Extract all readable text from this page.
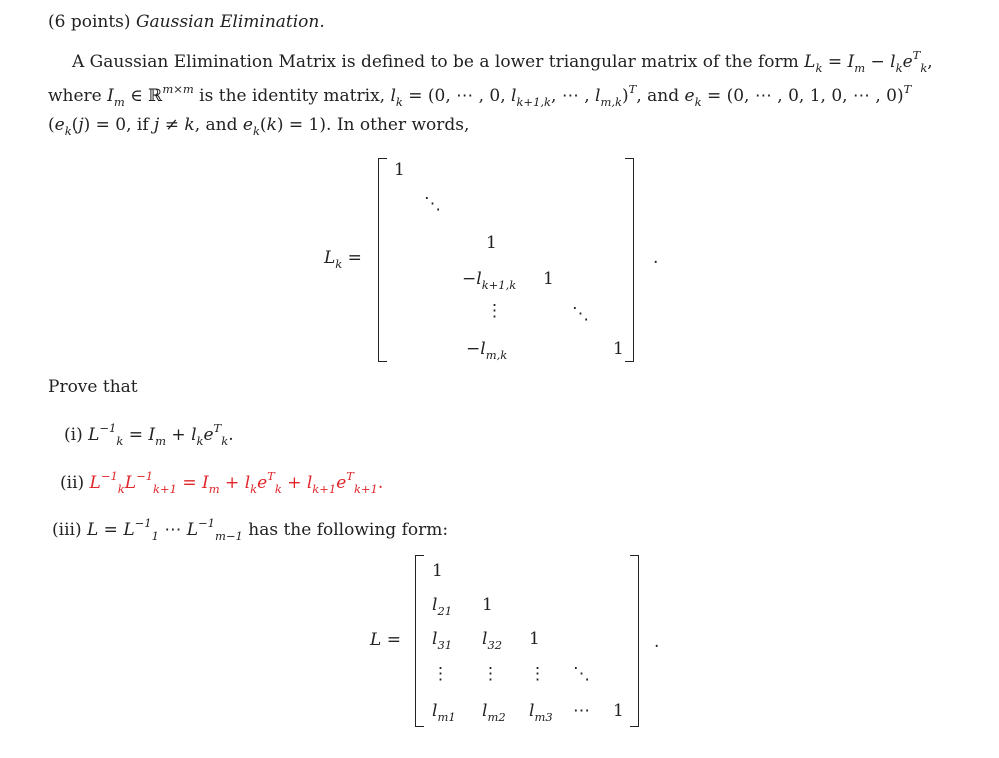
(6 points) Gaussian Elimination.
A Gaussian Elimination Matrix is defined to be a lower triangular matrix of the form $L_k = I_m - l_ke^T_k$,
where $I_m$ ∈ ℝ$^{m\times m}$ is the identity matrix, $l_k = (0$, ⋯ , 0, $l_{k+1,k}$, ⋯ , $l_{m,k})^T$, and $e_k = (0$, ⋯ , 0, 1, 0, ⋯ , 0)$^T$
($e_k(j) = 0$, if j ≠ k, and $e_k(k) = 1$). In other words,
$L_k$ =
1
⋱
1
$-l_{k+1,k}$ 1
⋮	⋱
$-l_{m,k}$	1
.
Prove that
(i) $L^{-1}_k = I_m + l_ke^T_k$.
(ii) $L^{-1}_kL^{-1}_{k+1} = I_m + l_ke^T_k + l_{k+1}e^T_{k+1}$.
(iii) $L = L^{-1}_1$ ⋯ $L^{-1}_{m-1}$ has the following form:
L =
1
$l_{21}$ 1
$l_{31}$ $l_{32}$ 1
⋮ ⋮ ⋮ ⋱
$l_{m1}$ $l_{m2}$ $l_{m3}$ ⋯ 1
.
